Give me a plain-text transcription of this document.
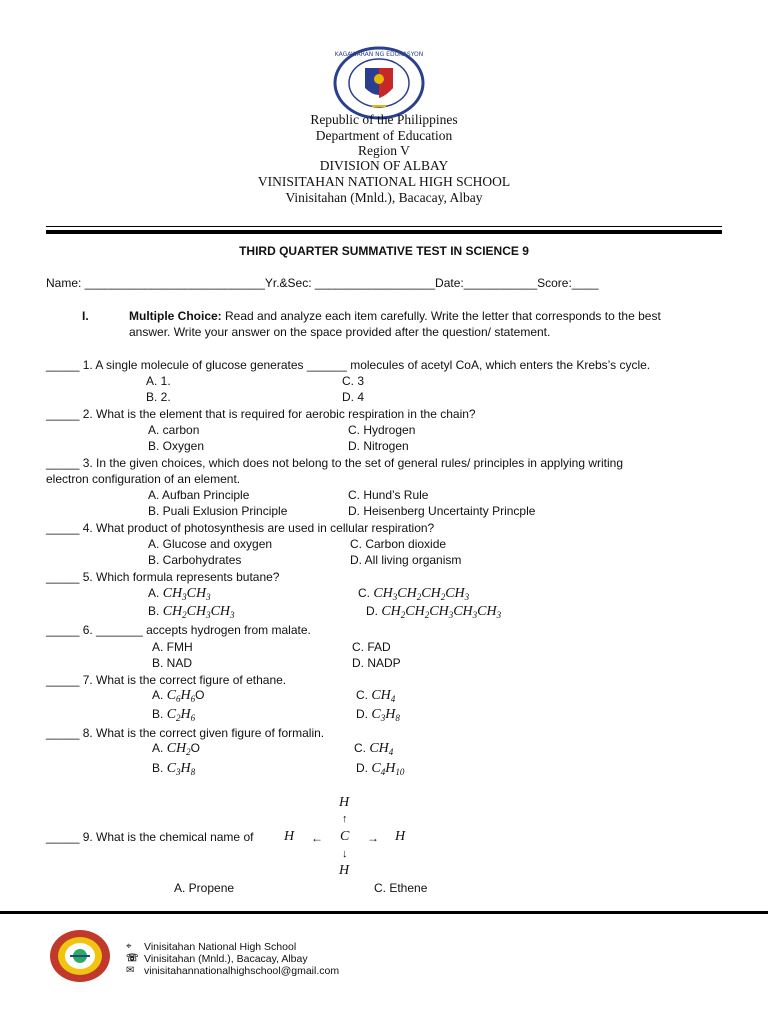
KAGAWARAN NG EDUKASYON
Republic of the Philippines
Department of Education
Region V
DIVISION OF ALBAY
VINISITAHAN NATIONAL HIGH SCHOOL
Vinisitahan (Mnld.), Bacacay, Albay
THIRD QUARTER SUMMATIVE TEST IN SCIENCE 9
Name: ___________________________Yr.&Sec: __________________Date:___________Score:____
I.	Multiple Choice: Read and analyze each item carefully. Write the letter that corresponds to the best
answer. Write your answer on the space provided after the question/ statement.
_____ 1. A single molecule of glucose generates ______ molecules of acetyl CoA, which enters the Krebs’s cycle.
A. 1.	C. 3
B. 2.	D. 4
_____ 2. What is the element that is required for aerobic respiration in the chain?
A. carbon	C. Hydrogen
B. Oxygen	D. Nitrogen
_____ 3. In the given choices, which does not belong to the set of general rules/ principles in applying writing
electron configuration of an element.
A. Aufban Principle	C. Hund’s Rule
B. Puali Exlusion Principle	D. Heisenberg Uncertainty Princple
_____ 4. What product of photosynthesis are used in cellular respiration?
A. Glucose and oxygen	C. Carbon dioxide
B. Carbohydrates	D. All living organism
_____ 5. Which formula represents butane?
A. $CH_3CH_3$	C. $CH_3CH_2CH_2CH_3$
B. $CH_2CH_3CH_3$	D. $CH_2CH_2CH_3CH_3CH_3$
_____ 6. _______ accepts hydrogen from malate.
A. FMH	C. FAD
B. NAD	D. NADP
_____ 7. What is the correct figure of ethane.
A. $C_6H_6O$	C. $CH_4$
B. $C_2H_6$	D. $C_3H_8$
_____ 8. What is the correct given figure of formalin.
A. $CH_2O$	C. $CH_4$
B. $C_3H_8$	D. $C_4H_{10}$
_____ 9. What is the chemical name of
H
↑
H ← C → H
↓
H
A. Propene	C. Ethene
⌖ Vinisitahan National High School
☏ Vinisitahan (Mnld.), Bacacay, Albay
✉ vinisitahannationalhighschool@gmail.com
